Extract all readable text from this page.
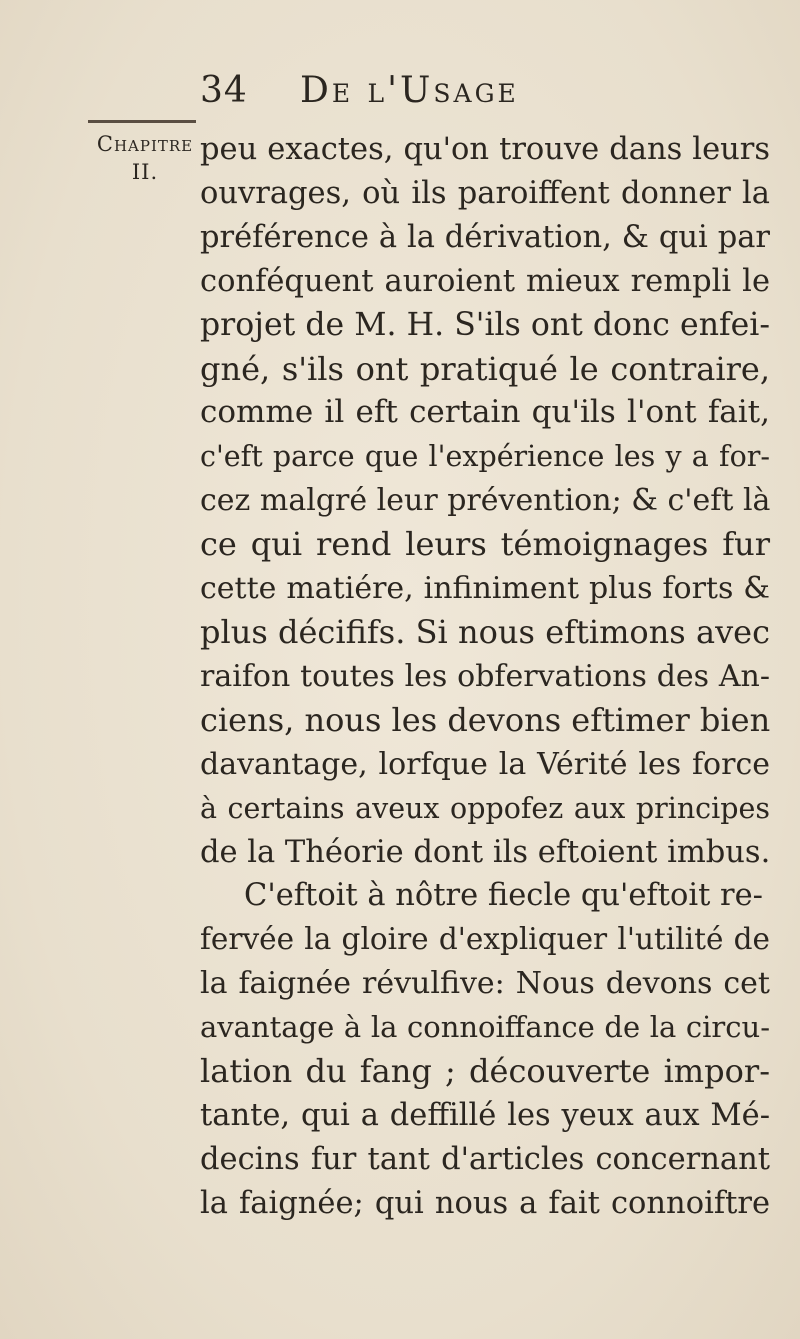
34 De l'Usage
Chapitre
II.
peu exactes, qu'on trouve dans leurs
ouvrages, où ils paroiffent donner la
préférence à la dérivation, & qui par
conféquent auroient mieux rempli le
projet de M. H. S'ils ont donc enfei-
gné, s'ils ont pratiqué le contraire,
comme il eft certain qu'ils l'ont fait,
c'eft parce que l'expérience les y a for-
cez malgré leur prévention; & c'eft là
ce qui rend leurs témoignages fur
cette matiére, infiniment plus forts &
plus décififs. Si nous eftimons avec
raifon toutes les obfervations des An-
ciens, nous les devons eftimer bien
davantage, lorfque la Vérité les force
à certains aveux oppofez aux principes
de la Théorie dont ils eftoient imbus.
C'eftoit à nôtre fiecle qu'eftoit re-
fervée la gloire d'expliquer l'utilité de
la faignée révulfive: Nous devons cet
avantage à la connoiffance de la circu-
lation du fang ; découverte impor-
tante, qui a deffillé les yeux aux Mé-
decins fur tant d'articles concernant
la faignée; qui nous a fait connoiftre
